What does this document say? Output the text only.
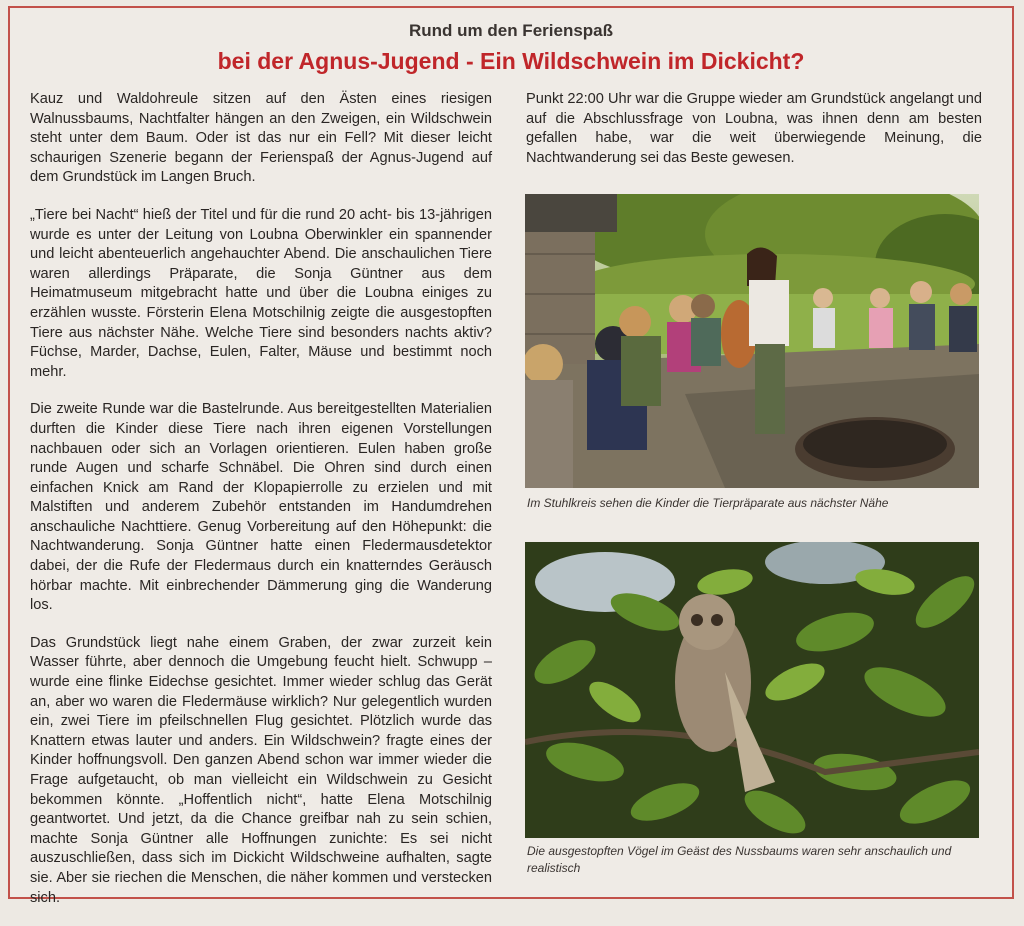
Rund um den Ferienspaß
bei der Agnus-Jugend - Ein Wildschwein im Dickicht?

Kauz und Waldohreule sitzen auf den Ästen eines riesigen Walnussbaums, Nachtfalter hängen an den Zweigen, ein Wildschwein steht unter dem Baum. Oder ist das nur ein Fell? Mit dieser leicht schaurigen Szenerie begann der Ferienspaß der Agnus-Jugend auf dem Grundstück im Langen Bruch.

„Tiere bei Nacht“ hieß der Titel und für die rund 20 acht- bis 13-jährigen wurde es unter der Leitung von Loubna Oberwinkler ein spannender und leicht abenteuerlich angehauchter Abend. Die anschaulichen Tiere waren allerdings Präparate, die Sonja Güntner aus dem Heimatmuseum mitgebracht hatte und über die Loubna einiges zu erzählen wusste. Försterin Elena Motschilnig zeigte die ausgestopften Tiere aus nächster Nähe. Welche Tiere sind besonders nachts aktiv? Füchse, Marder, Dachse, Eulen, Falter, Mäuse und bestimmt noch mehr.

Die zweite Runde war die Bastelrunde. Aus bereitgestellten Materialien durften die Kinder diese Tiere nach ihren eigenen Vorstellungen nachbauen oder sich an Vorlagen orientieren. Eulen haben große runde Augen und scharfe Schnäbel. Die Ohren sind durch einen einfachen Knick am Rand der Klopapierrolle zu erzielen und mit Malstiften und anderem Zubehör entstanden im Handumdrehen anschauliche Nachttiere. Genug Vorbereitung auf den Höhepunkt: die Nachtwanderung. Sonja Güntner hatte einen Fledermausdetektor dabei, der die Rufe der Fledermaus durch ein knatterndes Geräusch hörbar machte. Mit einbrechender Dämmerung ging die Wanderung los.

Das Grundstück liegt nahe einem Graben, der zwar zurzeit kein Wasser führte, aber dennoch die Umgebung feucht hielt. Schwupp – wurde eine flinke Eidechse gesichtet. Immer wieder schlug das Gerät an, aber wo waren die Fledermäuse wirklich? Nur gelegentlich wurden ein, zwei Tiere im pfeilschnellen Flug gesichtet. Plötzlich wurde das Knattern etwas lauter und anders. Ein Wildschwein? fragte eines der Kinder hoffnungsvoll. Den ganzen Abend schon war immer wieder die Frage aufgetaucht, ob man vielleicht ein Wildschwein zu Gesicht bekommen könnte. „Hoffentlich nicht“, hatte Elena Motschilnig geantwortet. Und jetzt, da die Chance greifbar nah zu sein schien, machte Sonja Güntner alle Hoffnungen zunichte: Es sei nicht auszuschließen, dass sich im Dickicht Wildschweine aufhalten, sagte sie. Aber sie riechen die Menschen, die näher kommen und verstecken sich.

Punkt 22:00 Uhr war die Gruppe wieder am Grundstück angelangt und auf die Abschlussfrage von Loubna, was ihnen denn am besten gefallen habe, war die weit überwiegende Meinung, die Nachtwanderung sei das Beste gewesen.

Im Stuhlkreis sehen die Kinder die Tierpräparate aus nächster Nähe
Die ausgestopften Vögel im Geäst des Nussbaums waren sehr anschaulich und realistisch
